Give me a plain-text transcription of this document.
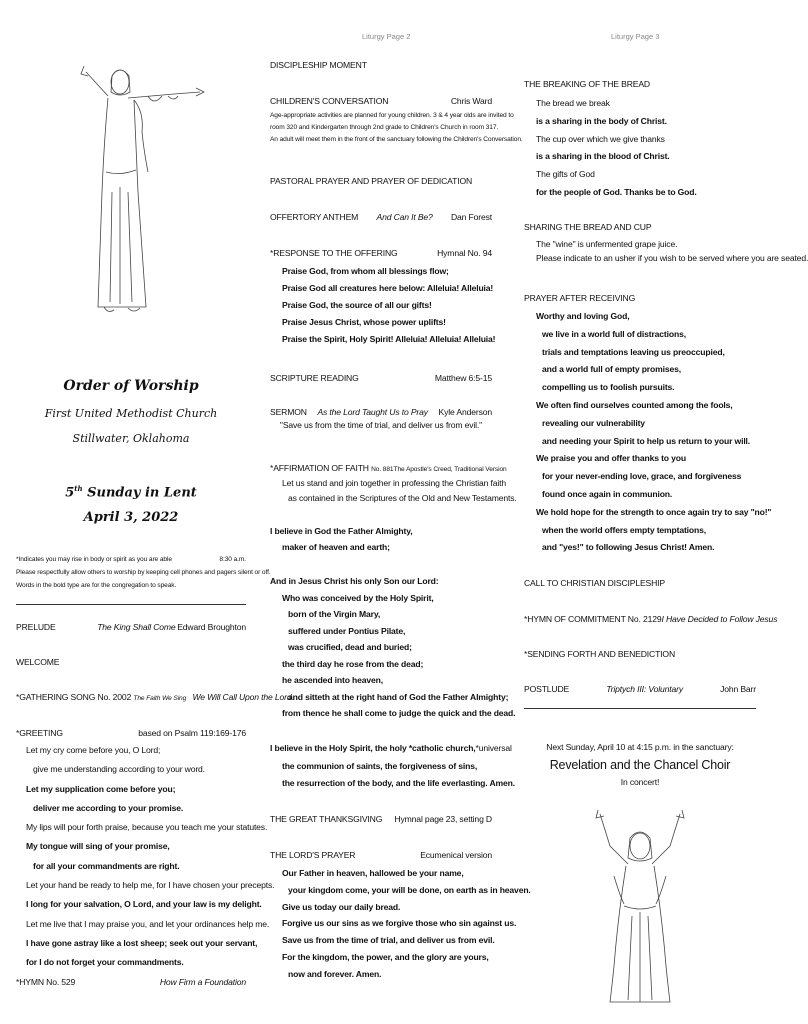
Liturgy Page 2	Liturgy Page 3
Order of Worship
First United Methodist Church
Stillwater, Oklahoma
5th Sunday in Lent
April 3, 2022
*Indicates you may rise in body or spirit as you are able	8:30 a.m.
Please respectfully allow others to worship by keeping cell phones and pagers silent or off.
Words in the bold type are for the congregation to speak.
PRELUDE	The King Shall Come Edward Broughton
WELCOME
*GATHERING SONG No. 2002 The Faith We Sing We Will Call Upon the Lord
*GREETING	based on Psalm 119:169-176
Let my cry come before you, O Lord;
give me understanding according to your word.
Let my supplication come before you;
deliver me according to your promise.
My lips will pour forth praise, because you teach me your statutes.
My tongue will sing of your promise,
for all your commandments are right.
Let your hand be ready to help me, for I have chosen your precepts.
I long for your salvation, O Lord, and your law is my delight.
Let me live that I may praise you, and let your ordinances help me.
I have gone astray like a lost sheep; seek out your servant,
for I do not forget your commandments.
*HYMN No. 529	How Firm a Foundation
DISCIPLESHIP MOMENT
CHILDREN'S CONVERSATION	Chris Ward
Age-appropriate activities are planned for young children. 3 & 4 year olds are invited to
room 320 and Kindergarten through 2nd grade to Children's Church in room 317.
An adult will meet them in the front of the sanctuary following the Children's Conversation.
PASTORAL PRAYER AND PRAYER OF DEDICATION
OFFERTORY ANTHEM And Can It Be? Dan Forest
*RESPONSE TO THE OFFERING	Hymnal No. 94
Praise God, from whom all blessings flow;
Praise God all creatures here below: Alleluia! Alleluia!
Praise God, the source of all our gifts!
Praise Jesus Christ, whose power uplifts!
Praise the Spirit, Holy Spirit! Alleluia! Alleluia! Alleluia!
SCRIPTURE READING	Matthew 6:5-15
SERMON As the Lord Taught Us to Pray Kyle Anderson
"Save us from the time of trial, and deliver us from evil."
*AFFIRMATION OF FAITH No. 881 The Apostle's Creed, Traditional Version
Let us stand and join together in professing the Christian faith
as contained in the Scriptures of the Old and New Testaments.
I believe in God the Father Almighty,
maker of heaven and earth;
And in Jesus Christ his only Son our Lord:
Who was conceived by the Holy Spirit,
born of the Virgin Mary,
suffered under Pontius Pilate,
was crucified, dead and buried;
the third day he rose from the dead;
he ascended into heaven,
and sitteth at the right hand of God the Father Almighty;
from thence he shall come to judge the quick and the dead.
I believe in the Holy Spirit, the holy *catholic church, *universal
the communion of saints, the forgiveness of sins,
the resurrection of the body, and the life everlasting. Amen.
THE GREAT THANKSGIVING Hymnal page 23, setting D
THE LORD'S PRAYER	Ecumenical version
Our Father in heaven, hallowed be your name,
your kingdom come, your will be done, on earth as in heaven.
Give us today our daily bread.
Forgive us our sins as we forgive those who sin against us.
Save us from the time of trial, and deliver us from evil.
For the kingdom, the power, and the glory are yours,
now and forever. Amen.
THE BREAKING OF THE BREAD
The bread we break
is a sharing in the body of Christ.
The cup over which we give thanks
is a sharing in the blood of Christ.
The gifts of God
for the people of God. Thanks be to God.
SHARING THE BREAD AND CUP
The "wine" is unfermented grape juice.
Please indicate to an usher if you wish to be served where you are seated.
PRAYER AFTER RECEIVING
Worthy and loving God,
we live in a world full of distractions,
trials and temptations leaving us preoccupied,
and a world full of empty promises,
compelling us to foolish pursuits.
We often find ourselves counted among the fools,
revealing our vulnerability
and needing your Spirit to help us return to your will.
We praise you and offer thanks to you
for your never-ending love, grace, and forgiveness
found once again in communion.
We hold hope for the strength to once again try to say "no!"
when the world offers empty temptations,
and "yes!" to following Jesus Christ! Amen.
CALL TO CHRISTIAN DISCIPLESHIP
*HYMN OF COMMITMENT No. 2129 I Have Decided to Follow Jesus
*SENDING FORTH AND BENEDICTION
POSTLUDE	Triptych III: Voluntary	John Barr
Next Sunday, April 10 at 4:15 p.m. in the sanctuary:
Revelation and the Chancel Choir
In concert!
